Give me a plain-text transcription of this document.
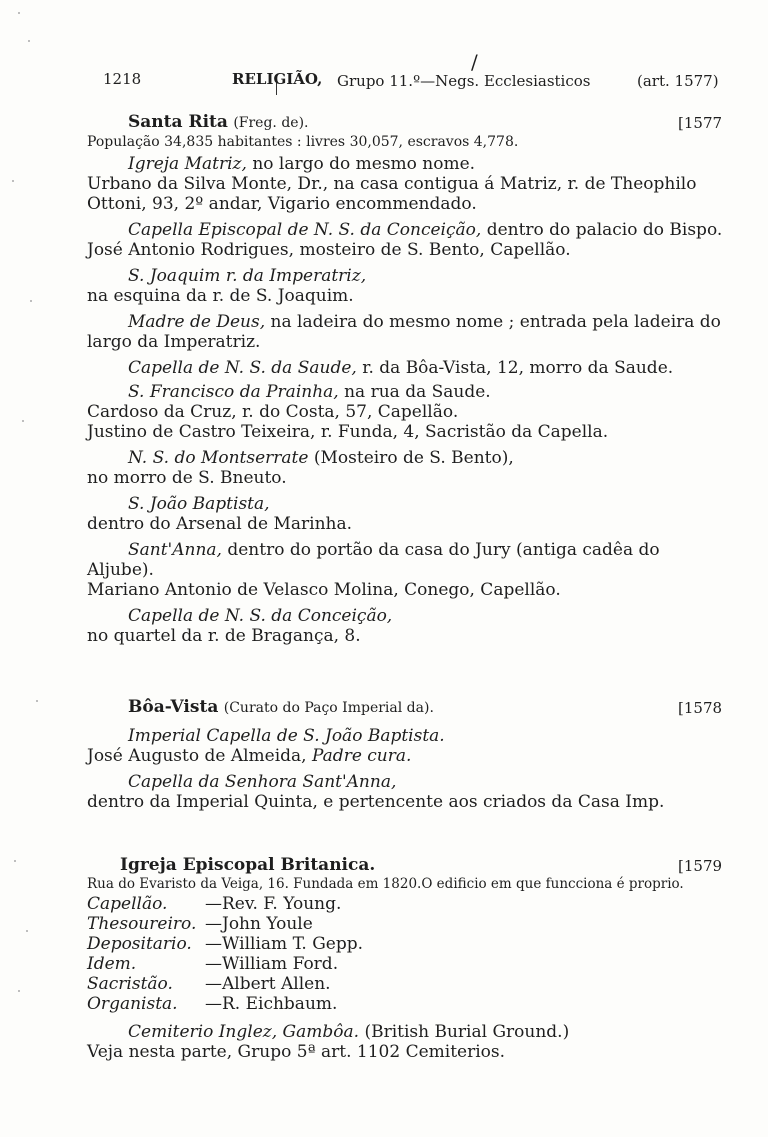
/
1218	RELIGIÃO, Grupo 11.º—Negs. Ecclesiasticos	(art. 1577)
Santa Rita (Freg. de).	[1577
População 34,835 habitantes : livres 30,057, escravos 4,778.
Igreja Matriz, no largo do mesmo nome.
Urbano da Silva Monte, Dr., na casa contigua á Matriz, r. de Theophilo
Ottoni, 93, 2º andar, Vigario encommendado.
Capella Episcopal de N. S. da Conceição, dentro do palacio do Bispo.
José Antonio Rodrigues, mosteiro de S. Bento, Capellão.
S. Joaquim r. da Imperatriz,
na esquina da r. de S. Joaquim.
Madre de Deus, na ladeira do mesmo nome ; entrada pela ladeira do
largo da Imperatriz.
Capella de N. S. da Saude, r. da Bôa-Vista, 12, morro da Saude.
S. Francisco da Prainha, na rua da Saude.
Cardoso da Cruz, r. do Costa, 57, Capellão.
Justino de Castro Teixeira, r. Funda, 4, Sacristão da Capella.
N. S. do Montserrate (Mosteiro de S. Bento),
no morro de S. Bneuto.
S. João Baptista,
dentro do Arsenal de Marinha.
Sant'Anna, dentro do portão da casa do Jury (antiga cadêa do
Aljube).
Mariano Antonio de Velasco Molina, Conego, Capellão.
Capella de N. S. da Conceição,
no quartel da r. de Bragança, 8.
Bôa-Vista (Curato do Paço Imperial da).	[1578
Imperial Capella de S. João Baptista.
José Augusto de Almeida, Padre cura.
Capella da Senhora Sant'Anna,
dentro da Imperial Quinta, e pertencente aos criados da Casa Imp.
Igreja Episcopal Britanica.	[1579
Rua do Evaristo da Veiga, 16. Fundada em 1820.O edificio em que funcciona é proprio.
Capellão. —Rev. F. Young.
Thesoureiro. —John Youle
Depositario. —William T. Gepp.
Idem.	—William Ford.
Sacristão. —Albert Allen.
Organista. —R. Eichbaum.
Cemiterio Inglez, Gambôa. (British Burial Ground.)
Veja nesta parte, Grupo 5ª art. 1102 Cemiterios.
